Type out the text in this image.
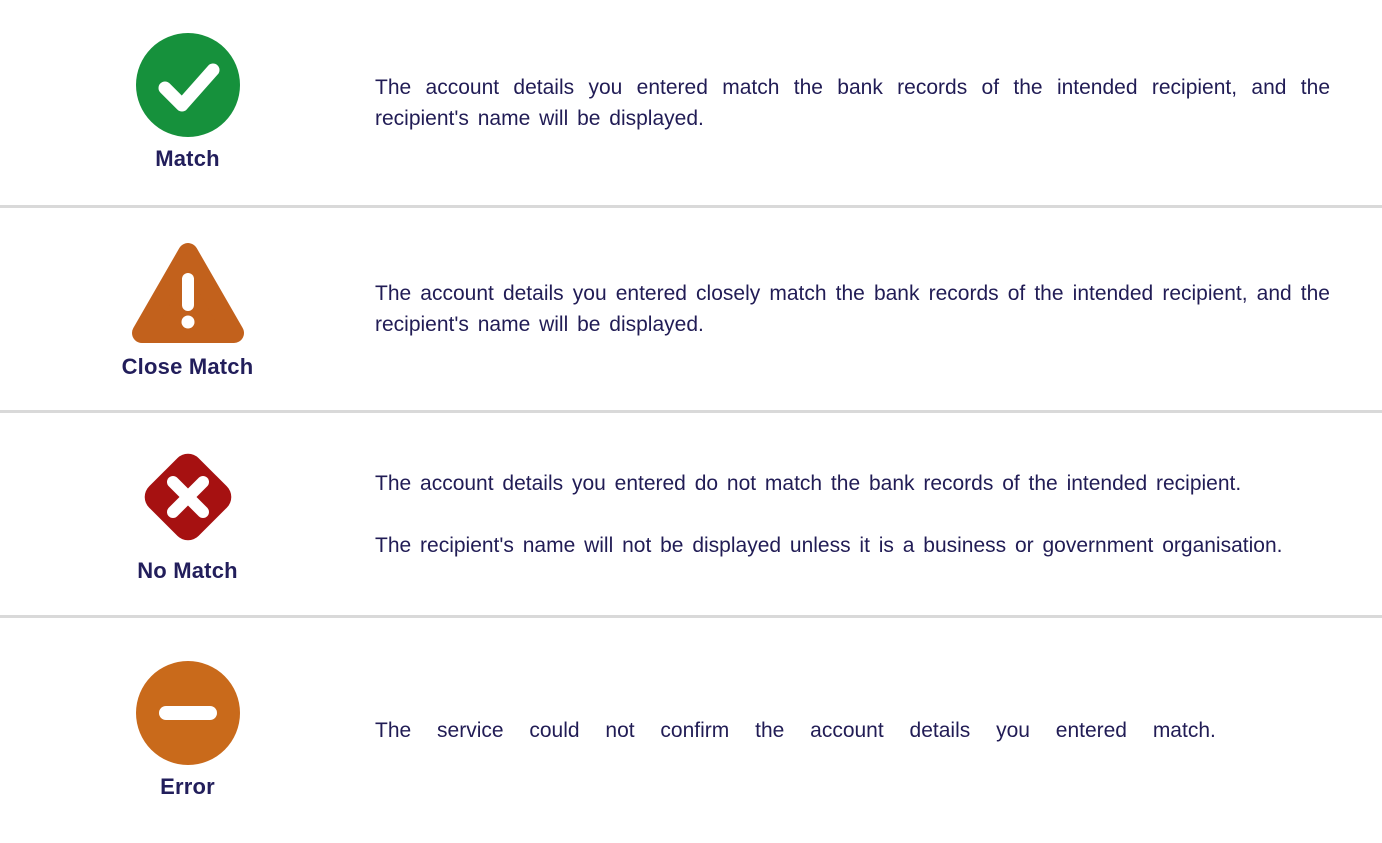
Match

The account details you entered match the bank records of the intended recipient, and the recipient's name will be displayed.

Close Match

The account details you entered closely match the bank records of the intended recipient, and the recipient's name will be displayed.

No Match

The account details you entered do not match the bank records of the intended recipient.

The recipient's name will not be displayed unless it is a business or government organisation.

Error

The service could not confirm the account details you entered match.
